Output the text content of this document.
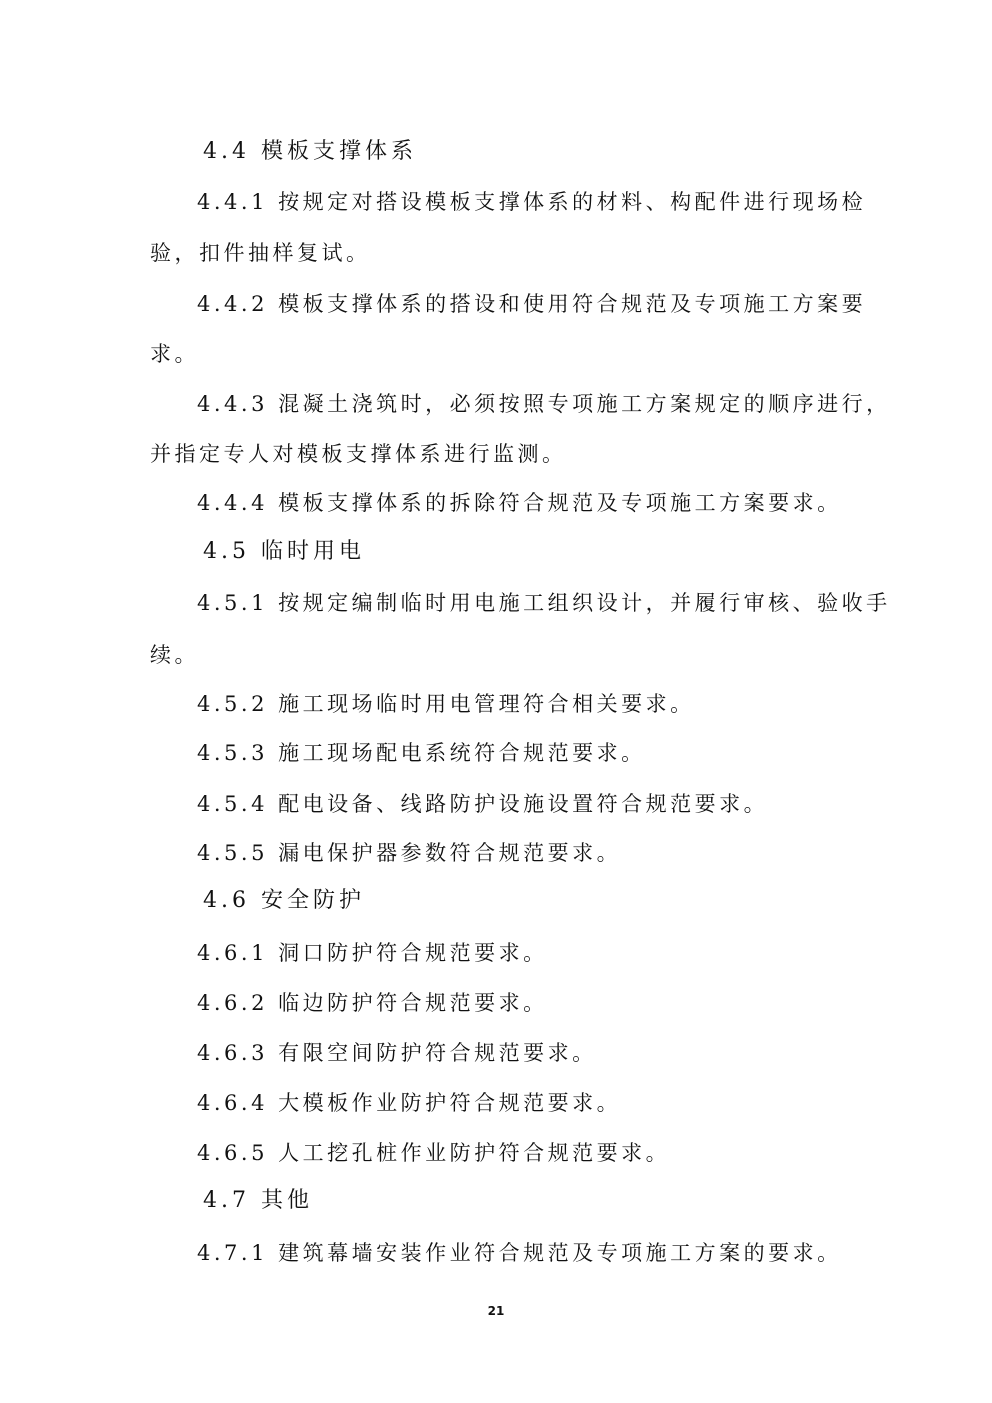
4.4 模板支撑体系
4.4.1 按规定对搭设模板支撑体系的材料、构配件进行现场检
验，扣件抽样复试。
4.4.2 模板支撑体系的搭设和使用符合规范及专项施工方案要
求。
4.4.3 混凝土浇筑时，必须按照专项施工方案规定的顺序进行，
并指定专人对模板支撑体系进行监测。
4.4.4 模板支撑体系的拆除符合规范及专项施工方案要求。
4.5 临时用电
4.5.1 按规定编制临时用电施工组织设计，并履行审核、验收手
续。
4.5.2 施工现场临时用电管理符合相关要求。
4.5.3 施工现场配电系统符合规范要求。
4.5.4 配电设备、线路防护设施设置符合规范要求。
4.5.5 漏电保护器参数符合规范要求。
4.6 安全防护
4.6.1 洞口防护符合规范要求。
4.6.2 临边防护符合规范要求。
4.6.3 有限空间防护符合规范要求。
4.6.4 大模板作业防护符合规范要求。
4.6.5 人工挖孔桩作业防护符合规范要求。
4.7 其他
4.7.1 建筑幕墙安装作业符合规范及专项施工方案的要求。
21
